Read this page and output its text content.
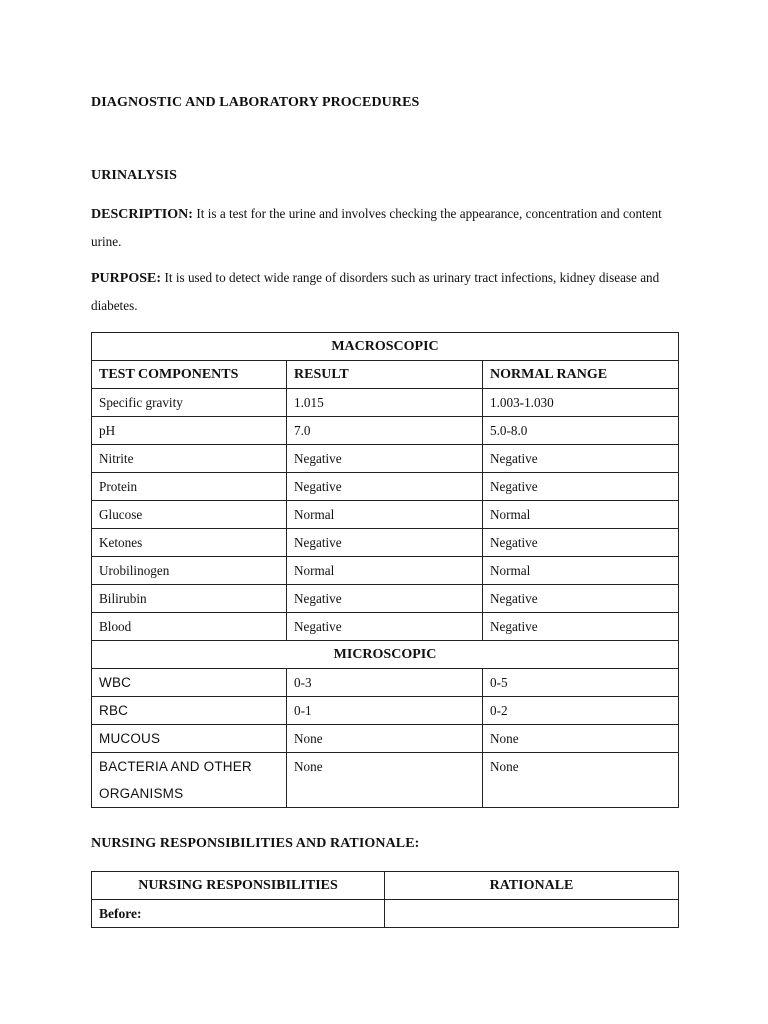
DIAGNOSTIC AND LABORATORY PROCEDURES
URINALYSIS
DESCRIPTION: It is a test for the urine and involves checking the appearance, concentration and content urine.
PURPOSE: It is used to detect wide range of disorders such as urinary tract infections, kidney disease and diabetes.
MACROSCOPIC		
TEST COMPONENTS	RESULT	NORMAL RANGE
Specific gravity	1.015	1.003-1.030
pH	7.0	5.0-8.0
Nitrite	Negative	Negative
Protein	Negative	Negative
Glucose	Normal	Normal
Ketones	Negative	Negative
Urobilinogen	Normal	Normal
Bilirubin	Negative	Negative
Blood	Negative	Negative
MICROSCOPIC		
WBC	0-3	0-5
RBC	0-1	0-2
MUCOUS	None	None
BACTERIA AND OTHER ORGANISMS	None	None
NURSING RESPONSIBILITIES AND RATIONALE:
NURSING RESPONSIBILITIES	RATIONALE
Before:	
